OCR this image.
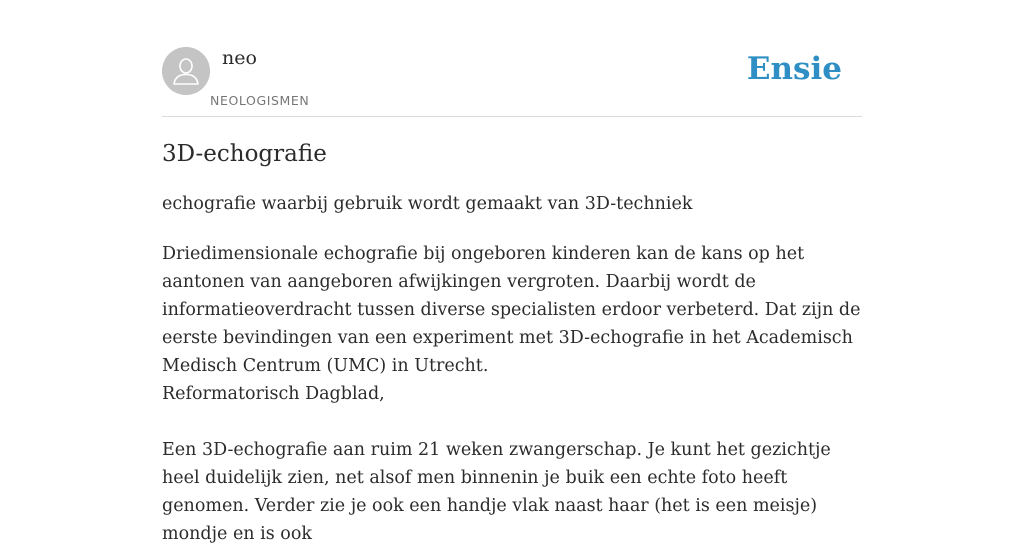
neo
NEOLOGISMEN
Ensie
3D-echografie

echografie waarbij gebruik wordt gemaakt van 3D-techniek

Driedimensionale echografie bij ongeboren kinderen kan de kans op het aantonen van aangeboren afwijkingen vergroten. Daarbij wordt de informatieoverdracht tussen diverse specialisten erdoor verbeterd. Dat zijn de eerste bevindingen van een experiment met 3D-echografie in het Academisch Medisch Centrum (UMC) in Utrecht.
Reformatorisch Dagblad,
Een 3D-echografie aan ruim 21 weken zwangerschap. Je kunt het gezichtje heel duidelijk zien, net alsof men binnenin je buik een echte foto heeft genomen. Verder zie je ook een handje vlak naast haar (het is een meisje) mondje en is ook
